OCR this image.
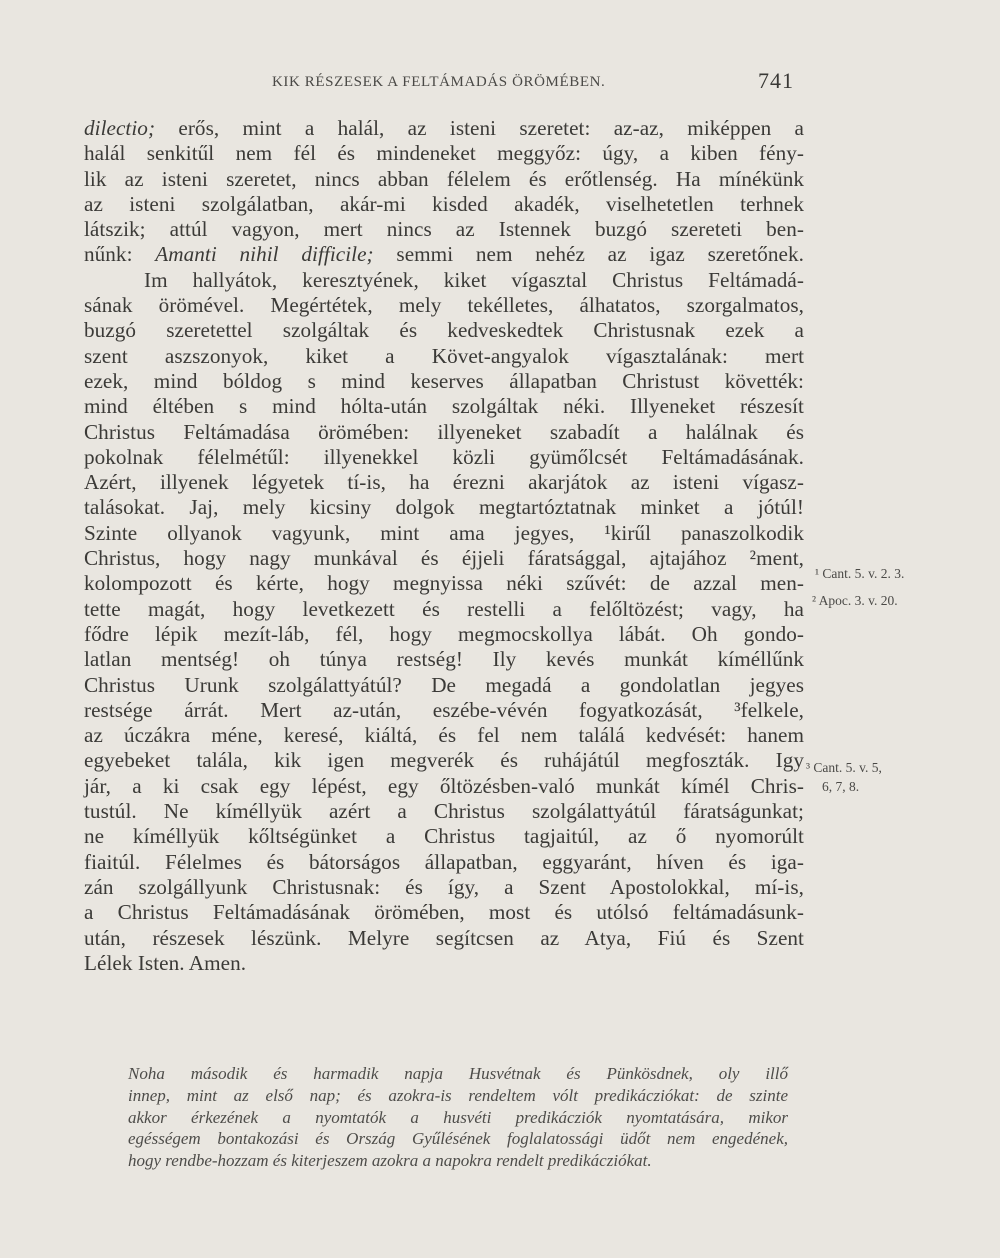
KIK RÉSZESEK A FELTÁMADÁS ÖRÖMÉBEN.	741
dilectio; erős, mint a halál, az isteni szeretet: az-az, miképpen a
halál senkitűl nem fél és mindeneket meggyőz: úgy, a kiben fény-
lik az isteni szeretet, nincs abban félelem és erőtlenség. Ha mínékünk
az isteni szolgálatban, akár-mi kisded akadék, viselhetetlen terhnek
látszik; attúl vagyon, mert nincs az Istennek buzgó szereteti ben-
nűnk: Amanti nihil difficile; semmi nem nehéz az igaz szeretőnek.
Im hallyátok, keresztyének, kiket vígasztal Christus Feltámadá-
sának örömével. Megértétek, mely tekélletes, álhatatos, szorgalmatos,
buzgó szeretettel szolgáltak és kedveskedtek Christusnak ezek a
szent aszszonyok, kiket a Követ-angyalok vígasztalának: mert
ezek, mind bóldog s mind keserves állapatban Christust követték:
mind éltében s mind hólta-után szolgáltak néki. Illyeneket részesít
Christus Feltámadása örömében: illyeneket szabadít a halálnak és
pokolnak félelmétűl: illyenekkel közli gyümőlcsét Feltámadásának.
Azért, illyenek légyetek tí-is, ha érezni akarjátok az isteni vígasz-
talásokat. Jaj, mely kicsiny dolgok megtartóztatnak minket a jótúl!
Szinte ollyanok vagyunk, mint ama jegyes, ¹kirűl panaszolkodik
Christus, hogy nagy munkával és éjjeli fáratsággal, ajtajához ²ment,
kolompozott és kérte, hogy megnyissa néki szűvét: de azzal men-
tette magát, hogy levetkezett és restelli a felőltözést; vagy, ha
fődre lépik mezít-láb, fél, hogy megmocskollya lábát. Oh gondo-
latlan mentség! oh túnya restség! Ily kevés munkát kíméllűnk
Christus Urunk szolgálattyátúl? De megadá a gondolatlan jegyes
restsége árrát. Mert az-után, eszébe-vévén fogyatkozását, ³felkele,
az úczákra méne, keresé, kiáltá, és fel nem találá kedvését: hanem
egyebeket találа, kik igen megverék és ruhájátúl megfoszták. Igy
jár, a ki csak egy lépést, egy őltözésben-való munkát kímél Chris-
tustúl. Ne kíméllyük azért a Christus szolgálattyátúl fáratságunkat;
ne kíméllyük kőltségünket a Christus tagjaitúl, az ő nyomorúlt
fiaitúl. Félelmes és bátorságos állapatban, eggyaránt, híven és iga-
zán szolgállyunk Christusnak: és így, a Szent Apostolokkal, mí-is,
a Christus Feltámadásának örömében, most és utólsó feltámadásunk-
után, részesek lészünk. Melyre segítcsen az Atya, Fiú és Szent
Lélek Isten. Amen.
¹ Cant. 5. v. 2. 3.
² Apoc. 3. v. 20.
³ Cant. 5. v. 5,
6, 7, 8.
Noha második és harmadik napja Husvétnak és Pünkösdnek, oly illő
innep, mint az első nap; és azokra-is rendeltem vólt predikácziókat: de szinte
akkor érkezének a nyomtatók a husvéti predikácziók nyomtatására, mikor
egésségem bontakozási és Ország Gyűlésének foglalatossági üdőt nem engedének,
hogy rendbe-hozzam és kiterjeszem azokra a napokra rendelt predikácziókat.
